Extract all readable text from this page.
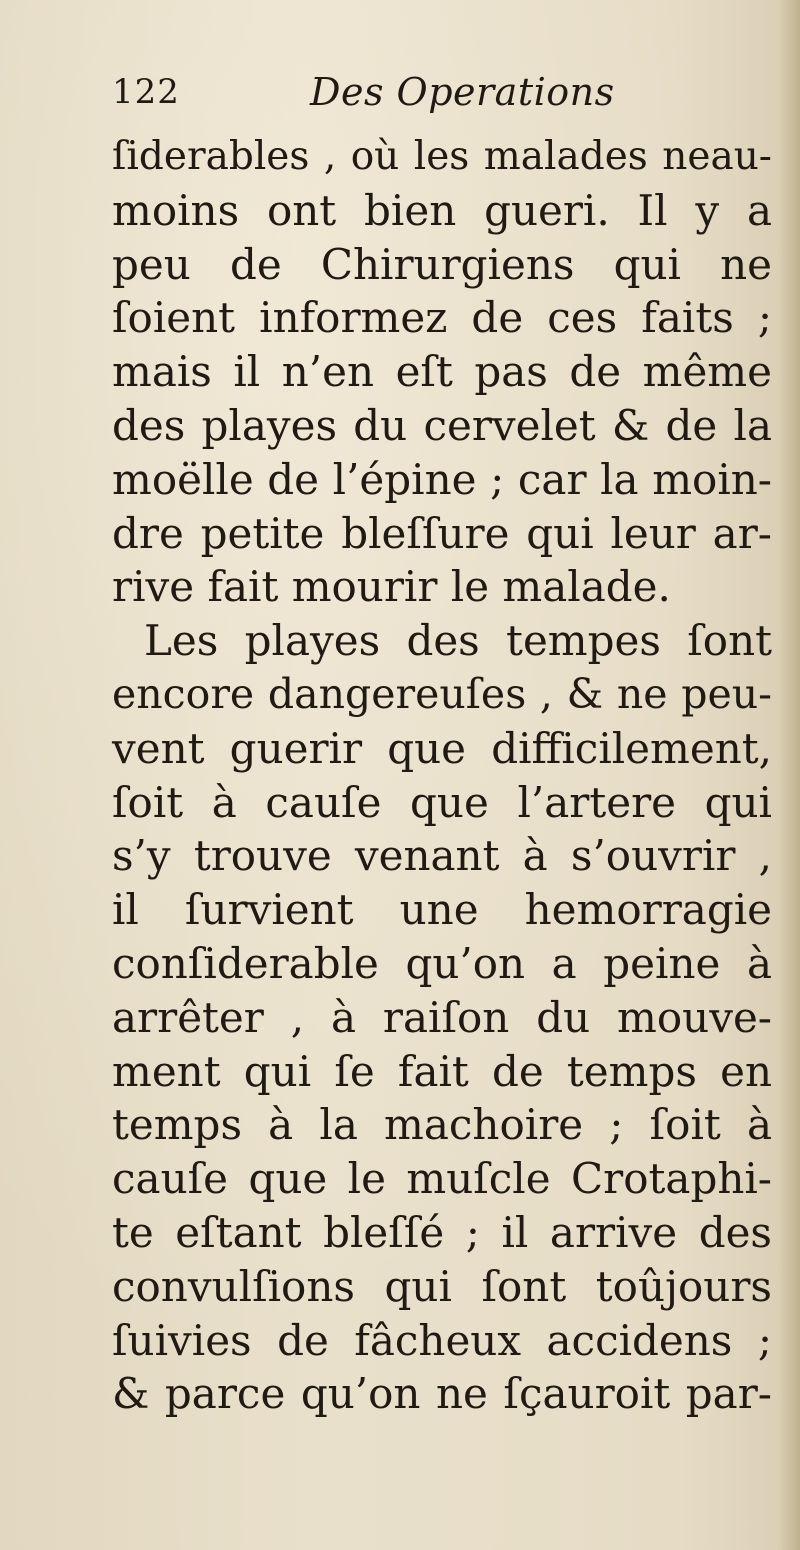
122	Des Operations
ſiderables , où les malades neau-
moins ont bien gueri. Il y a
peu de Chirurgiens qui ne
ſoient informez de ces faits ;
mais il n’en eſt pas de même
des playes du cervelet & de la
moëlle de l’épine ; car la moin-
dre petite bleſſure qui leur ar-
rive fait mourir le malade.
Les playes des tempes ſont
encore dangereuſes , & ne peu-
vent guerir que difficilement,
ſoit à cauſe que l’artere qui
s’y trouve venant à s’ouvrir ,
il ſurvient une hemorragie
conſiderable qu’on a peine à
arrêter , à raiſon du mouve-
ment qui ſe fait de temps en
temps à la machoire ; ſoit à
cauſe que le muſcle Crotaphi-
te eſtant bleſſé ; il arrive des
convulſions qui ſont toûjours
ſuivies de fâcheux accidens ;
& parce qu’on ne ſçauroit par-
